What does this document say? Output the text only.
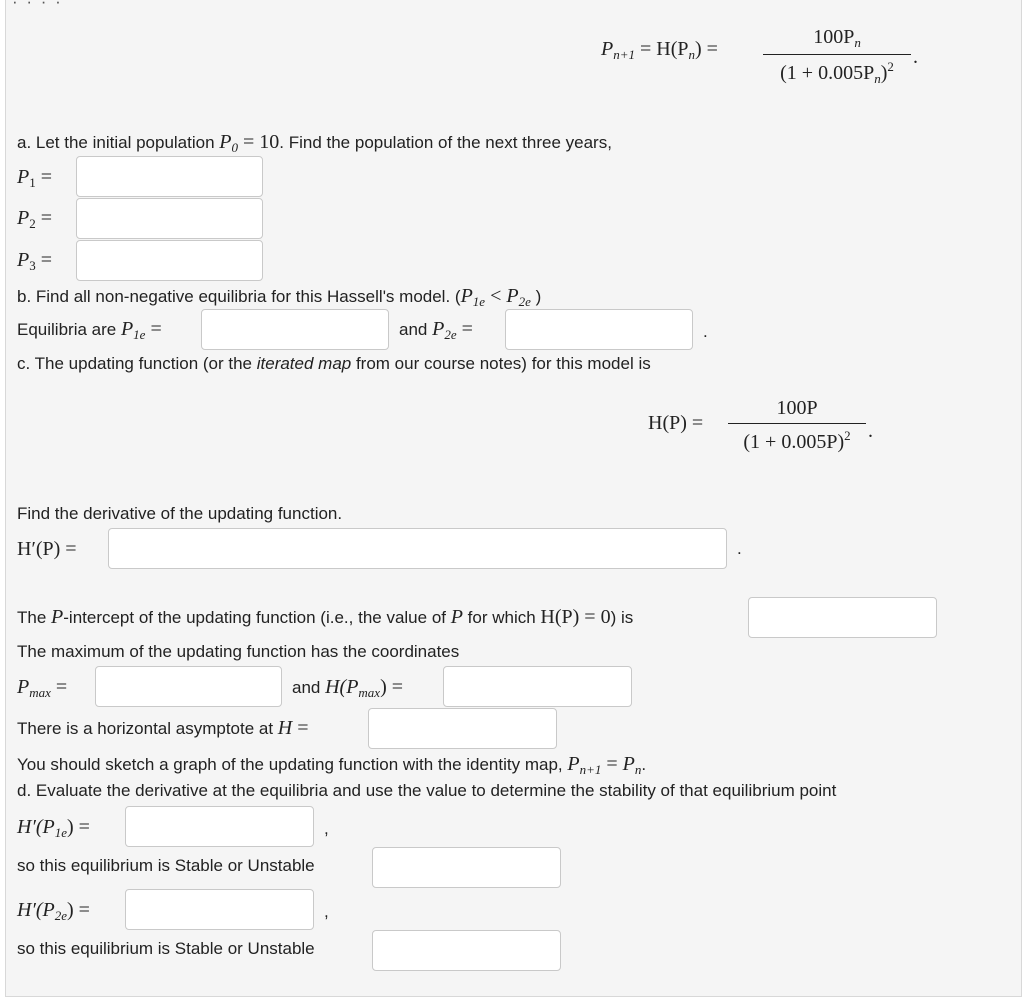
$P_{n+1} = H(P_n) = \frac{100P_n}{(1 + 0.005P_n)^2}$ .
a. Let the initial population $P_0 = 10$. Find the population of the next three years,
$P_1$ =
$P_2$ =
$P_3$ =
b. Find all non-negative equilibria for this Hassell's model. ($P_{1e} < P_{2e}$ )
Equilibria are $P_{1e}$ =	and $P_{2e}$ =	.
c. The updating function (or the iterated map from our course notes) for this model is
$H(P) = \frac{100P}{(1 + 0.005P)^2}$ .
Find the derivative of the updating function.
H′(P) =	.
The P-intercept of the updating function (i.e., the value of P for which H(P) = 0) is
The maximum of the updating function has the coordinates
$P_{max}$ =	and $H(P_{max})$ =
There is a horizontal asymptote at H =
You should sketch a graph of the updating function with the identity map, $P_{n+1} = P_n$.
d. Evaluate the derivative at the equilibria and use the value to determine the stability of that equilibrium point
$H'(P_{1e})$ =	,
so this equilibrium is Stable or Unstable
$H'(P_{2e})$ =	,
so this equilibrium is Stable or Unstable
